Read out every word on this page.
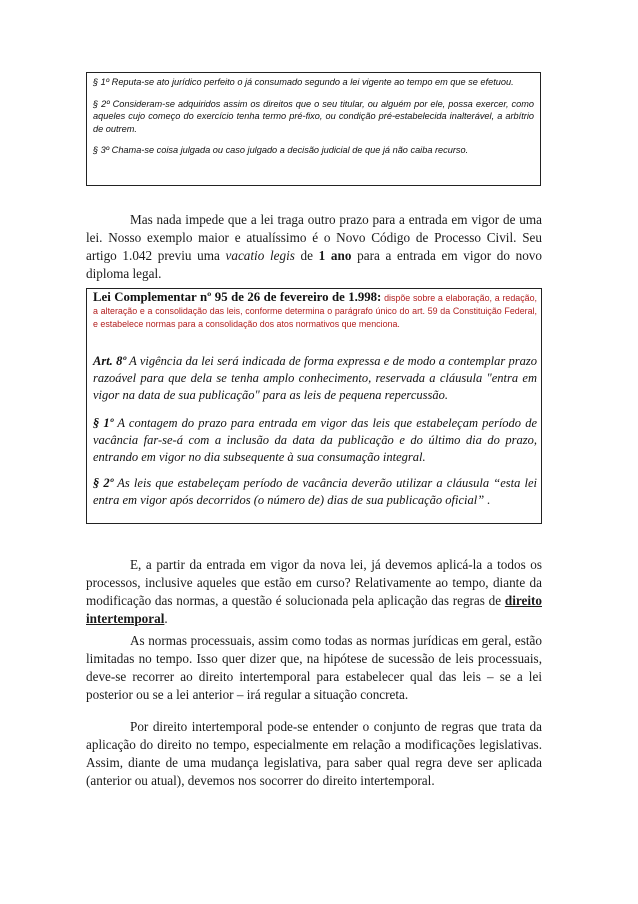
§ 1º Reputa-se ato jurídico perfeito o já consumado segundo a lei vigente ao tempo em que se efetuou.

§ 2º Consideram-se adquiridos assim os direitos que o seu titular, ou alguém por ele, possa exercer, como aqueles cujo começo do exercício tenha termo pré-fixo, ou condição pré-estabelecida inalterável, a arbítrio de outrem.

§ 3º Chama-se coisa julgada ou caso julgado a decisão judicial de que já não caiba recurso.

Mas nada impede que a lei traga outro prazo para a entrada em vigor de uma lei. Nosso exemplo maior e atualíssimo é o Novo Código de Processo Civil. Seu artigo 1.042 previu uma vacatio legis de 1 ano para a entrada em vigor do novo diploma legal.

Lei Complementar nº 95 de 26 de fevereiro de 1.998: dispõe sobre a elaboração, a redação, a alteração e a consolidação das leis, conforme determina o parágrafo único do art. 59 da Constituição Federal, e estabelece normas para a consolidação dos atos normativos que menciona.

Art. 8º A vigência da lei será indicada de forma expressa e de modo a contemplar prazo razoável para que dela se tenha amplo conhecimento, reservada a cláusula "entra em vigor na data de sua publicação" para as leis de pequena repercussão.

§ 1º A contagem do prazo para entrada em vigor das leis que estabeleçam período de vacância far-se-á com a inclusão da data da publicação e do último dia do prazo, entrando em vigor no dia subsequente à sua consumação integral.

§ 2º As leis que estabeleçam período de vacância deverão utilizar a cláusula “esta lei entra em vigor após decorridos (o número de) dias de sua publicação oficial” .

E, a partir da entrada em vigor da nova lei, já devemos aplicá-la a todos os processos, inclusive aqueles que estão em curso? Relativamente ao tempo, diante da modificação das normas, a questão é solucionada pela aplicação das regras de direito intertemporal.

As normas processuais, assim como todas as normas jurídicas em geral, estão limitadas no tempo. Isso quer dizer que, na hipótese de sucessão de leis processuais, deve-se recorrer ao direito intertemporal para estabelecer qual das leis – se a lei posterior ou se a lei anterior – irá regular a situação concreta.

Por direito intertemporal pode-se entender o conjunto de regras que trata da aplicação do direito no tempo, especialmente em relação a modificações legislativas. Assim, diante de uma mudança legislativa, para saber qual regra deve ser aplicada (anterior ou atual), devemos nos socorrer do direito intertemporal.
